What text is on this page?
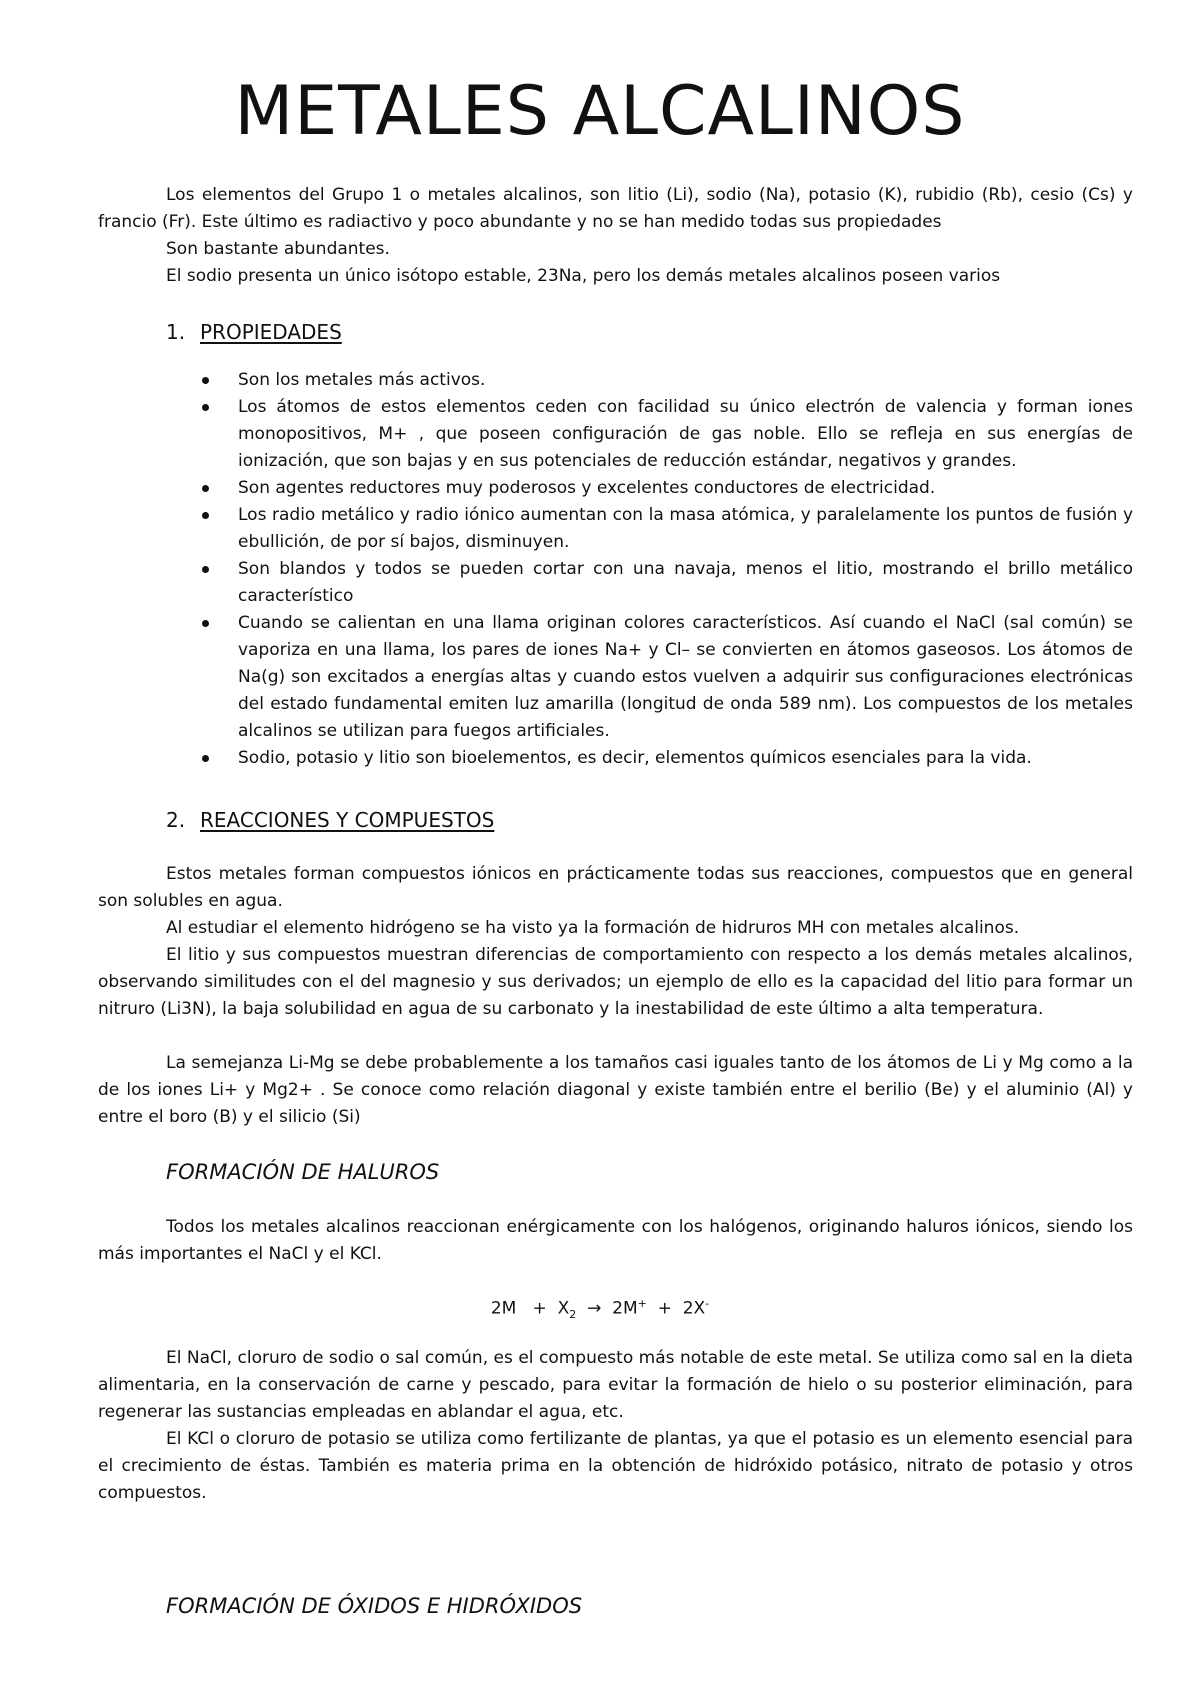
METALES ALCALINOS

Los elementos del Grupo 1 o metales alcalinos, son litio (Li), sodio (Na), potasio (K), rubidio (Rb), cesio (Cs) y francio (Fr). Este último es radiactivo y poco abundante y no se han medido todas sus propiedades

Son bastante abundantes.

El sodio presenta un único isótopo estable, 23Na, pero los demás metales alcalinos poseen varios

1. PROPIEDADES
Son los metales más activos.
Los átomos de estos elementos ceden con facilidad su único electrón de valencia y forman iones monopositivos, M+ , que poseen configuración de gas noble. Ello se refleja en sus energías de ionización, que son bajas y en sus potenciales de reducción estándar, negativos y grandes.
Son agentes reductores muy poderosos y excelentes conductores de electricidad.
Los radio metálico y radio iónico aumentan con la masa atómica, y paralelamente los puntos de fusión y ebullición, de por sí bajos, disminuyen.
Son blandos y todos se pueden cortar con una navaja, menos el litio, mostrando el brillo metálico característico
Cuando se calientan en una llama originan colores característicos. Así cuando el NaCl (sal común) se vaporiza en una llama, los pares de iones Na+ y Cl– se convierten en átomos gaseosos. Los átomos de Na(g) son excitados a energías altas y cuando estos vuelven a adquirir sus configuraciones electrónicas del estado fundamental emiten luz amarilla (longitud de onda 589 nm). Los compuestos de los metales alcalinos se utilizan para fuegos artificiales.
Sodio, potasio y litio son bioelementos, es decir, elementos químicos esenciales para la vida.
2. REACCIONES Y COMPUESTOS

Estos metales forman compuestos iónicos en prácticamente todas sus reacciones, compuestos que en general son solubles en agua.

Al estudiar el elemento hidrógeno se ha visto ya la formación de hidruros MH con metales alcalinos.

El litio y sus compuestos muestran diferencias de comportamiento con respecto a los demás metales alcalinos, observando similitudes con el del magnesio y sus derivados; un ejemplo de ello es la capacidad del litio para formar un nitruro (Li3N), la baja solubilidad en agua de su carbonato y la inestabilidad de este último a alta temperatura.

La semejanza Li-Mg se debe probablemente a los tamaños casi iguales tanto de los átomos de Li y Mg como a la de los iones Li+ y Mg2+ . Se conoce como relación diagonal y existe también entre el berilio (Be) y el aluminio (Al) y entre el boro (B) y el silicio (Si)

FORMACIÓN DE HALUROS

Todos los metales alcalinos reaccionan enérgicamente con los halógenos, originando haluros iónicos, siendo los más importantes el NaCl y el KCl.

$2M + X_2 \to 2M^+ + 2X^-$

El NaCl, cloruro de sodio o sal común, es el compuesto más notable de este metal. Se utiliza como sal en la dieta alimentaria, en la conservación de carne y pescado, para evitar la formación de hielo o su posterior eliminación, para regenerar las sustancias empleadas en ablandar el agua, etc.

El KCl o cloruro de potasio se utiliza como fertilizante de plantas, ya que el potasio es un elemento esencial para el crecimiento de éstas. También es materia prima en la obtención de hidróxido potásico, nitrato de potasio y otros compuestos.

FORMACIÓN DE ÓXIDOS E HIDRÓXIDOS
